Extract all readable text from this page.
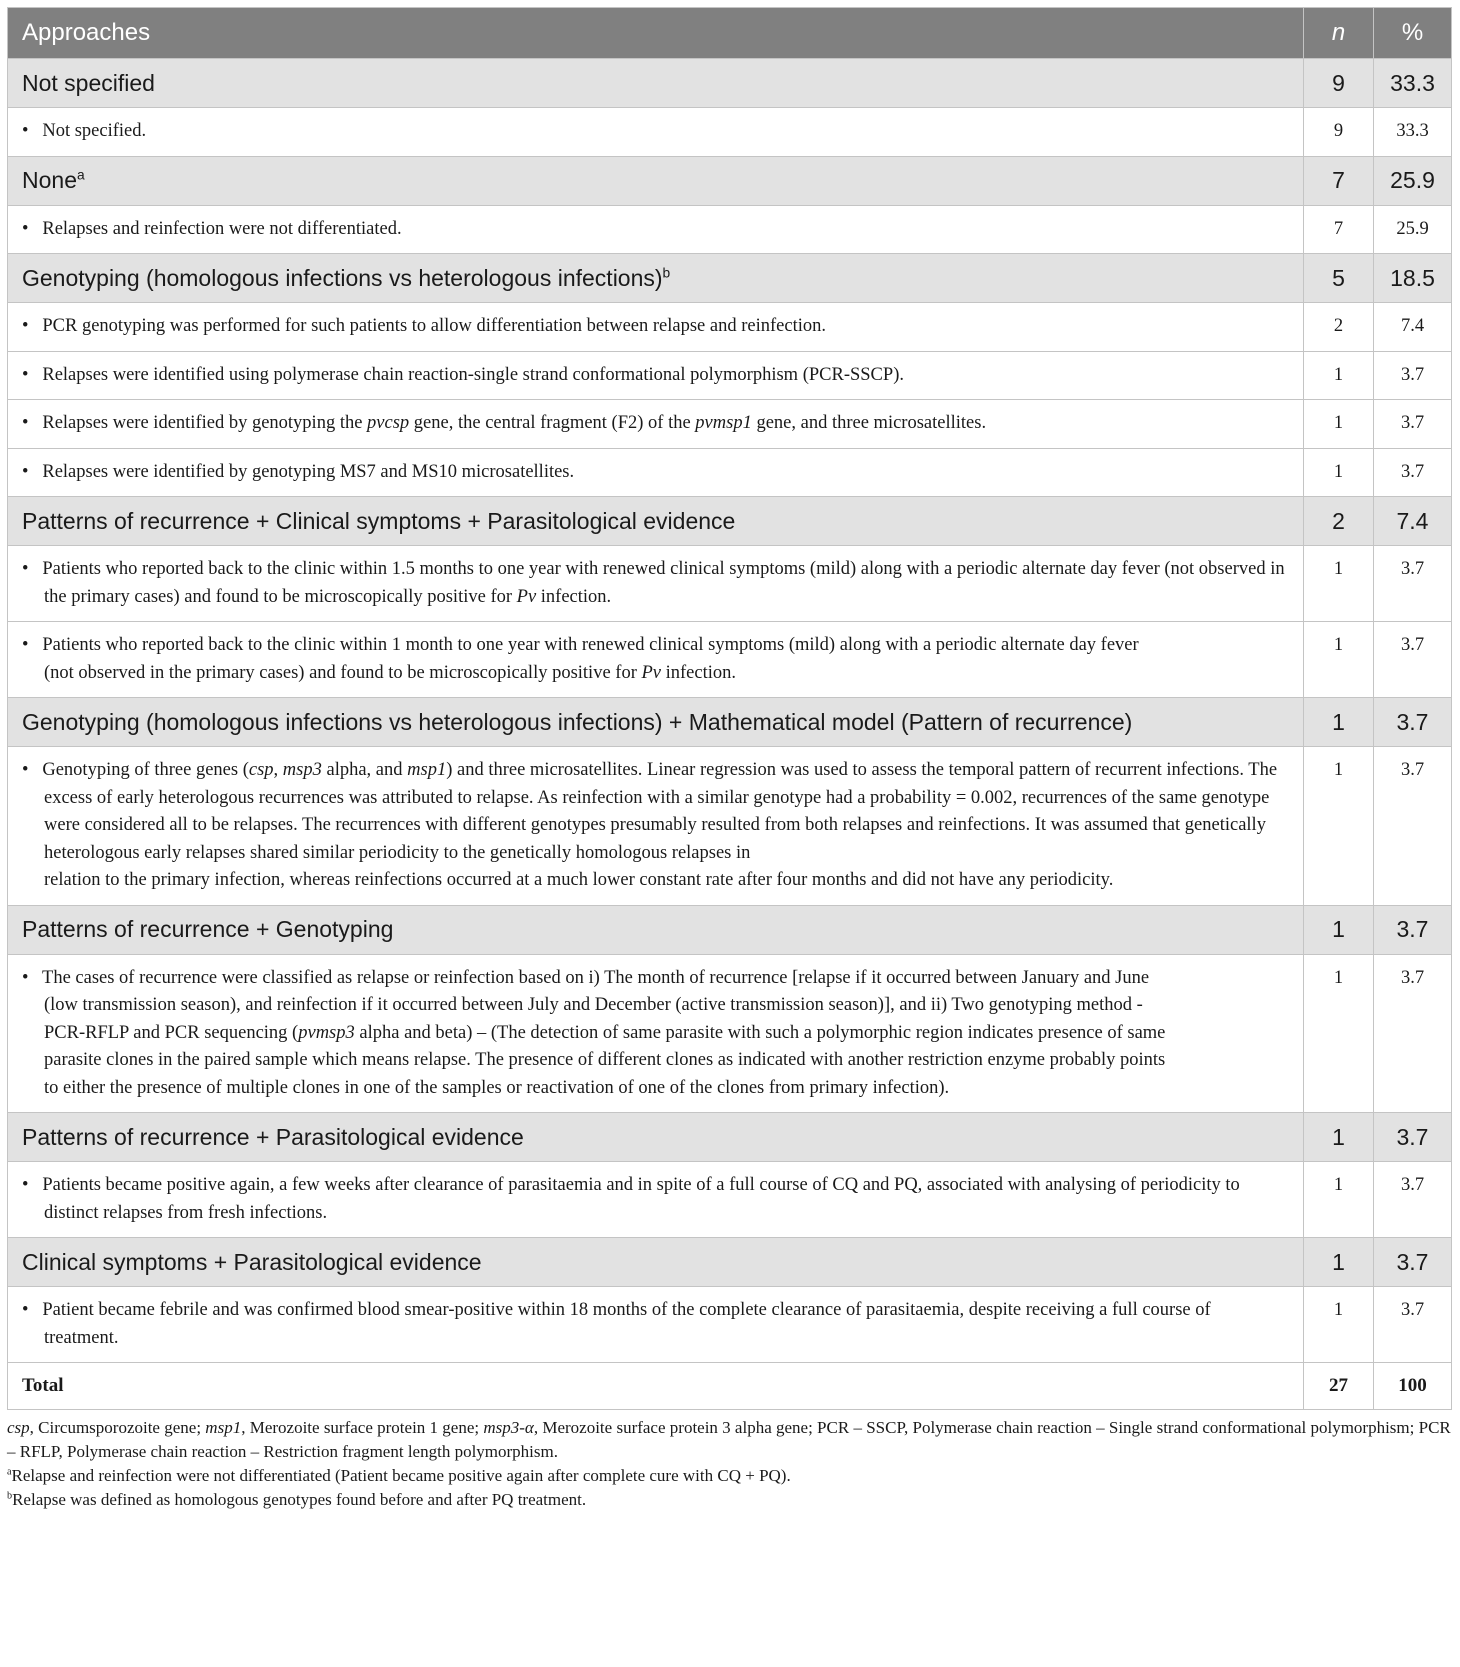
Approaches	n	%
Not specified	9	33.3

•   Not specified.	9	33.3
None$^a$	7	25.9

•   Relapses and reinfection were not differentiated.	7	25.9
Genotyping (homologous infections vs heterologous infections)$^b$	5	18.5

•   PCR genotyping was performed for such patients to allow differentiation between relapse and reinfection.	2	7.4

•   Relapses were identified using polymerase chain reaction-single strand conformational polymorphism (PCR-SSCP).	1	3.7

•   Relapses were identified by genotyping the pvcsp gene, the central fragment (F2) of the pvmsp1 gene, and three microsatellites.	1	3.7

•   Relapses were identified by genotyping MS7 and MS10 microsatellites.	1	3.7
Patterns of recurrence + Clinical symptoms + Parasitological evidence	2	7.4

•   Patients who reported back to the clinic within 1.5 months to one year with renewed clinical symptoms (mild) along with a periodic alternate day fever (not observed in the primary cases) and found to be microscopically positive for Pv infection.	1	3.7

•   Patients who reported back to the clinic within 1 month to one year with renewed clinical symptoms (mild) along with a periodic alternate day fever
(not observed in the primary cases) and found to be microscopically positive for Pv infection.	1	3.7
Genotyping (homologous infections vs heterologous infections) + Mathematical model (Pattern of recurrence)	1	3.7

•   Genotyping of three genes (csp, msp3 alpha, and msp1) and three microsatellites. Linear regression was used to assess the temporal pattern of recurrent infections. The excess of early heterologous recurrences was attributed to relapse. As reinfection with a similar genotype had a probability = 0.002, recurrences of the same genotype were considered all to be relapses. The recurrences with different genotypes presumably resulted from both relapses and reinfections. It was assumed that genetically heterologous early relapses shared similar periodicity to the genetically homologous relapses in
relation to the primary infection, whereas reinfections occurred at a much lower constant rate after four months and did not have any periodicity.	1	3.7
Patterns of recurrence + Genotyping	1	3.7

•   The cases of recurrence were classified as relapse or reinfection based on i) The month of recurrence [relapse if it occurred between January and June
(low transmission season), and reinfection if it occurred between July and December (active transmission season)], and ii) Two genotyping method -
PCR-RFLP and PCR sequencing (pvmsp3 alpha and beta) – (The detection of same parasite with such a polymorphic region indicates presence of same
parasite clones in the paired sample which means relapse. The presence of different clones as indicated with another restriction enzyme probably points
to either the presence of multiple clones in one of the samples or reactivation of one of the clones from primary infection).	1	3.7
Patterns of recurrence + Parasitological evidence	1	3.7

•   Patients became positive again, a few weeks after clearance of parasitaemia and in spite of a full course of CQ and PQ, associated with analysing of periodicity to distinct relapses from fresh infections.	1	3.7
Clinical symptoms + Parasitological evidence	1	3.7

•   Patient became febrile and was confirmed blood smear-positive within 18 months of the complete clearance of parasitaemia, despite receiving a full course of treatment.	1	3.7
Total	27	100

csp, Circumsporozoite gene; msp1, Merozoite surface protein 1 gene; msp3-α, Merozoite surface protein 3 alpha gene; PCR – SSCP, Polymerase chain reaction – Single strand conformational polymorphism; PCR – RFLP, Polymerase chain reaction – Restriction fragment length polymorphism.

$^a$Relapse and reinfection were not differentiated (Patient became positive again after complete cure with CQ + PQ).

$^b$Relapse was defined as homologous genotypes found before and after PQ treatment.
